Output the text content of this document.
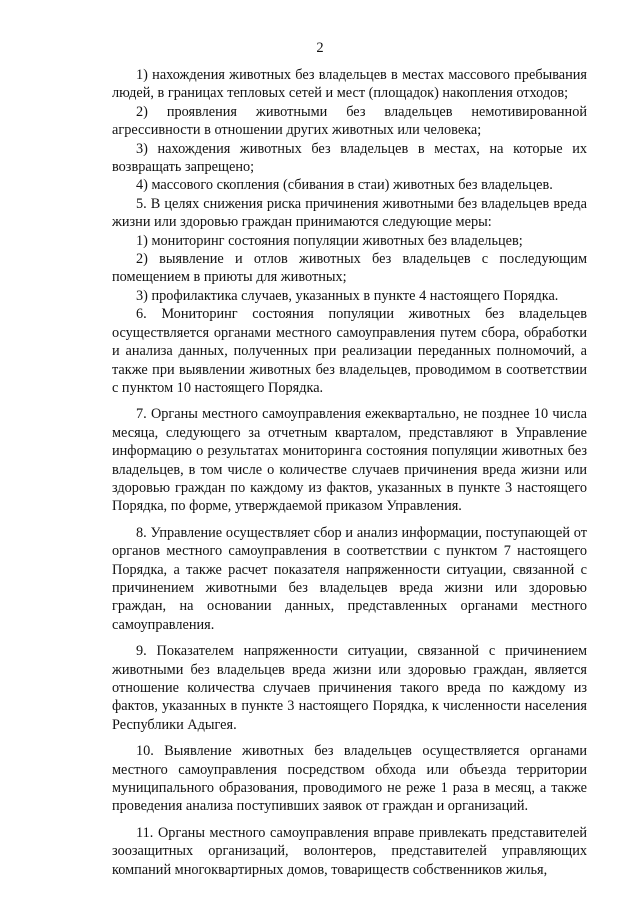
2

1) нахождения животных без владельцев в местах массового пребывания людей, в границах тепловых сетей и мест (площадок) накопления отходов;

2) проявления животными без владельцев немотивированной агрессивности в отношении других животных или человека;

3) нахождения животных без владельцев в местах, на которые их возвращать запрещено;

4) массового скопления (сбивания в стаи) животных без владельцев.

5. В целях снижения риска причинения животными без владельцев вреда жизни или здоровью граждан принимаются следующие меры:

1) мониторинг состояния популяции животных без владельцев;

2) выявление и отлов животных без владельцев с последующим помещением в приюты для животных;

3) профилактика случаев, указанных в пункте 4 настоящего Порядка.

6. Мониторинг состояния популяции животных без владельцев осуществляется органами местного самоуправления путем сбора, обработки и анализа данных, полученных при реализации переданных полномочий, а также при выявлении животных без владельцев, проводимом в соответствии с пунктом 10 настоящего Порядка.

7. Органы местного самоуправления ежеквартально, не позднее 10 числа месяца, следующего за отчетным кварталом, представляют в Управление информацию о результатах мониторинга состояния популяции животных без владельцев, в том числе о количестве случаев причинения вреда жизни или здоровью граждан по каждому из фактов, указанных в пункте 3 настоящего Порядка, по форме, утверждаемой приказом Управления.

8. Управление осуществляет сбор и анализ информации, поступающей от органов местного самоуправления в соответствии с пунктом 7 настоящего Порядка, а также расчет показателя напряженности ситуации, связанной с причинением животными без владельцев вреда жизни или здоровью граждан, на основании данных, представленных органами местного самоуправления.

9. Показателем напряженности ситуации, связанной с причинением животными без владельцев вреда жизни или здоровью граждан, является отношение количества случаев причинения такого вреда по каждому из фактов, указанных в пункте 3 настоящего Порядка, к численности населения Республики Адыгея.

10. Выявление животных без владельцев осуществляется органами местного самоуправления посредством обхода или объезда территории муниципального образования, проводимого не реже 1 раза в месяц, а также проведения анализа поступивших заявок от граждан и организаций.

11. Органы местного самоуправления вправе привлекать представителей зоозащитных организаций, волонтеров, представителей управляющих компаний многоквартирных домов, товариществ собственников жилья,
